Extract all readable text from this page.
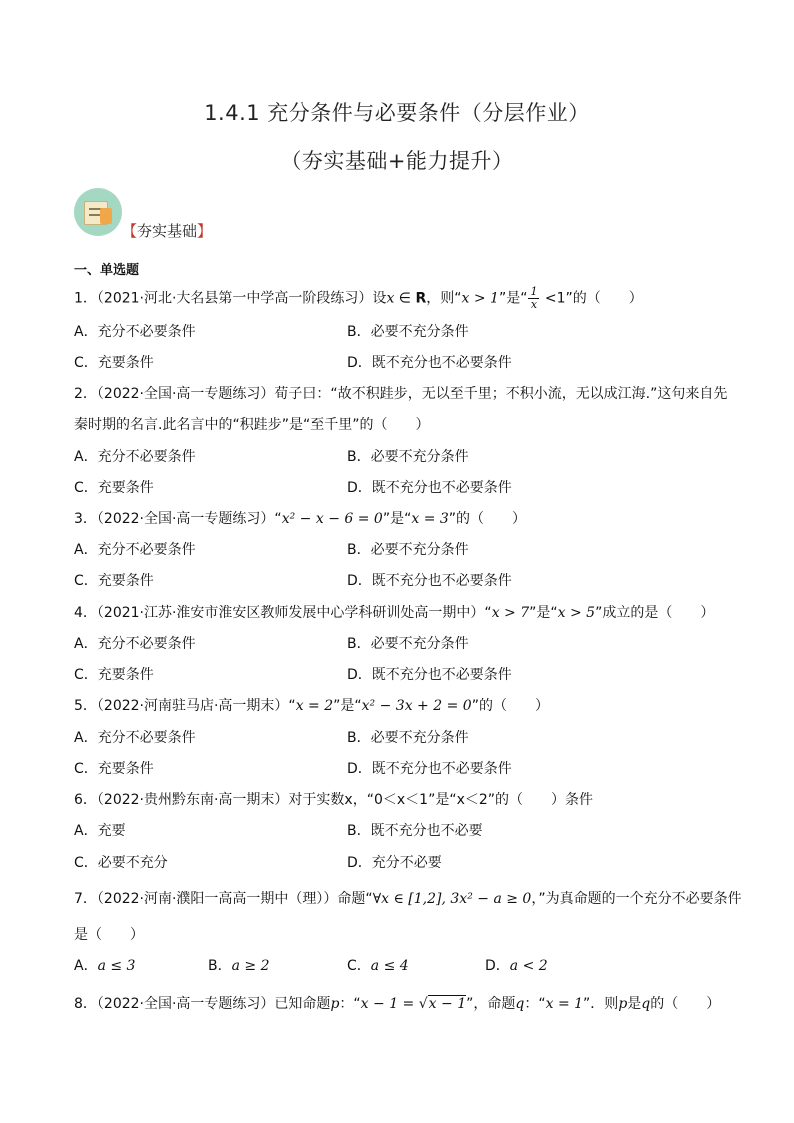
1.4.1 充分条件与必要条件（分层作业）
（夯实基础+能力提升）
【夯实基础】
一、单选题
1．（2021·河北·大名县第一中学高一阶段练习）设x ∈ R，则“x > 1”是“ $\frac{1}{x} <1$”的（　　）
A．充分不必要条件	B．必要不充分条件
C．充要条件	D．既不充分也不必要条件
2．（2022·全国·高一专题练习）荀子曰：“故不积跬步，无以至千里；不积小流，无以成江海.”这句来自先
秦时期的名言.此名言中的“积跬步”是“至千里”的（　　）
A．充分不必要条件	B．必要不充分条件
C．充要条件	D．既不充分也不必要条件
3．（2022·全国·高一专题练习）“x² − x − 6 = 0”是“x = 3”的（　　）
A．充分不必要条件	B．必要不充分条件
C．充要条件	D．既不充分也不必要条件
4．（2021·江苏·淮安市淮安区教师发展中心学科研训处高一期中）“x > 7”是“x > 5”成立的是（　　）
A．充分不必要条件	B．必要不充分条件
C．充要条件	D．既不充分也不必要条件
5．（2022·河南驻马店·高一期末）“x = 2”是“x² − 3x + 2 = 0”的（　　）
A．充分不必要条件	B．必要不充分条件
C．充要条件	D．既不充分也不必要条件
6．（2022·贵州黔东南·高一期末）对于实数x，“0＜x＜1”是“x＜2”的（　　）条件
A．充要	B．既不充分也不必要
C．必要不充分	D．充分不必要
7．（2022·河南·濮阳一高高一期中（理））命题“∀x ∈ [1,2], 3x² − a ≥ 0，”为真命题的一个充分不必要条件
是（　　）
A．a ≤ 3	B．a ≥ 2	C．a ≤ 4	D．a < 2
8．（2022·全国·高一专题练习）已知命题p：“x − 1 = √x − 1”，命题q：“x = 1”．则p是q的（　　）
